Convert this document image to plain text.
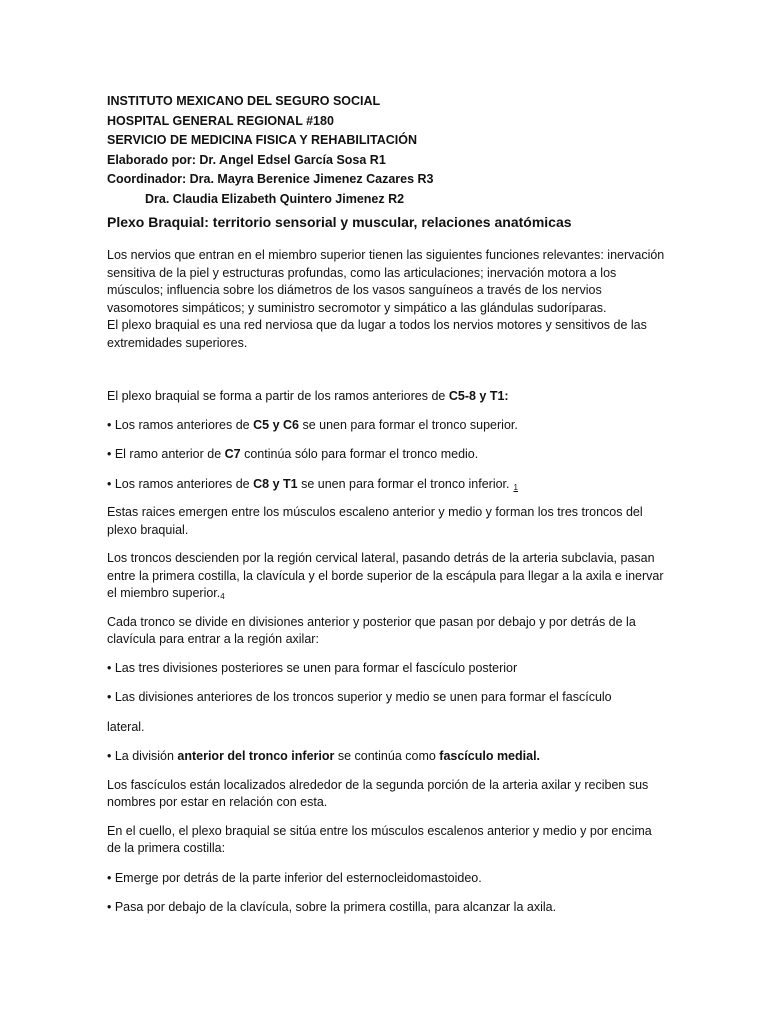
INSTITUTO MEXICANO DEL SEGURO SOCIAL
HOSPITAL GENERAL REGIONAL #180
SERVICIO DE MEDICINA FISICA Y REHABILITACIÓN
Elaborado por: Dr. Angel Edsel García Sosa R1
Coordinador: Dra. Mayra Berenice Jimenez Cazares R3
Dra. Claudia Elizabeth Quintero Jimenez R2
Plexo Braquial: territorio sensorial y muscular, relaciones anatómicas

Los nervios que entran en el miembro superior tienen las siguientes funciones relevantes: inervación sensitiva de la piel y estructuras profundas, como las articulaciones; inervación motora a los músculos; influencia sobre los diámetros de los vasos sanguíneos a través de los nervios vasomotores simpáticos; y suministro secromotor y simpático a las glándulas sudoríparas.
El plexo braquial es una red nerviosa que da lugar a todos los nervios motores y sensitivos de las extremidades superiores.

El plexo braquial se forma a partir de los ramos anteriores de C5-8 y T1:

• Los ramos anteriores de C5 y C6 se unen para formar el tronco superior.

• El ramo anterior de C7 continúa sólo para formar el tronco medio.

• Los ramos anteriores de C8 y T1 se unen para formar el tronco inferior. $_1$

Estas raices emergen entre los músculos escaleno anterior y medio y forman los tres troncos del plexo braquial.

Los troncos descienden por la región cervical lateral, pasando detrás de la arteria subclavia, pasan entre la primera costilla, la clavícula y el borde superior de la escápula para llegar a la axila e inervar el miembro $superior._4$

Cada tronco se divide en divisiones anterior y posterior que pasan por debajo y por detrás de la clavícula para entrar a la región axilar:

• Las tres divisiones posteriores se unen para formar el fascículo posterior

• Las divisiones anteriores de los troncos superior y medio se unen para formar el fascículo

lateral.

• La división anterior del tronco inferior se continúa como fascículo medial.

Los fascículos están localizados alrededor de la segunda porción de la arteria axilar y reciben sus nombres por estar en relación con esta.

En el cuello, el plexo braquial se sitúa entre los músculos escalenos anterior y medio y por encima de la primera costilla:

• Emerge por detrás de la parte inferior del esternocleidomastoideo.

• Pasa por debajo de la clavícula, sobre la primera costilla, para alcanzar la axila.
